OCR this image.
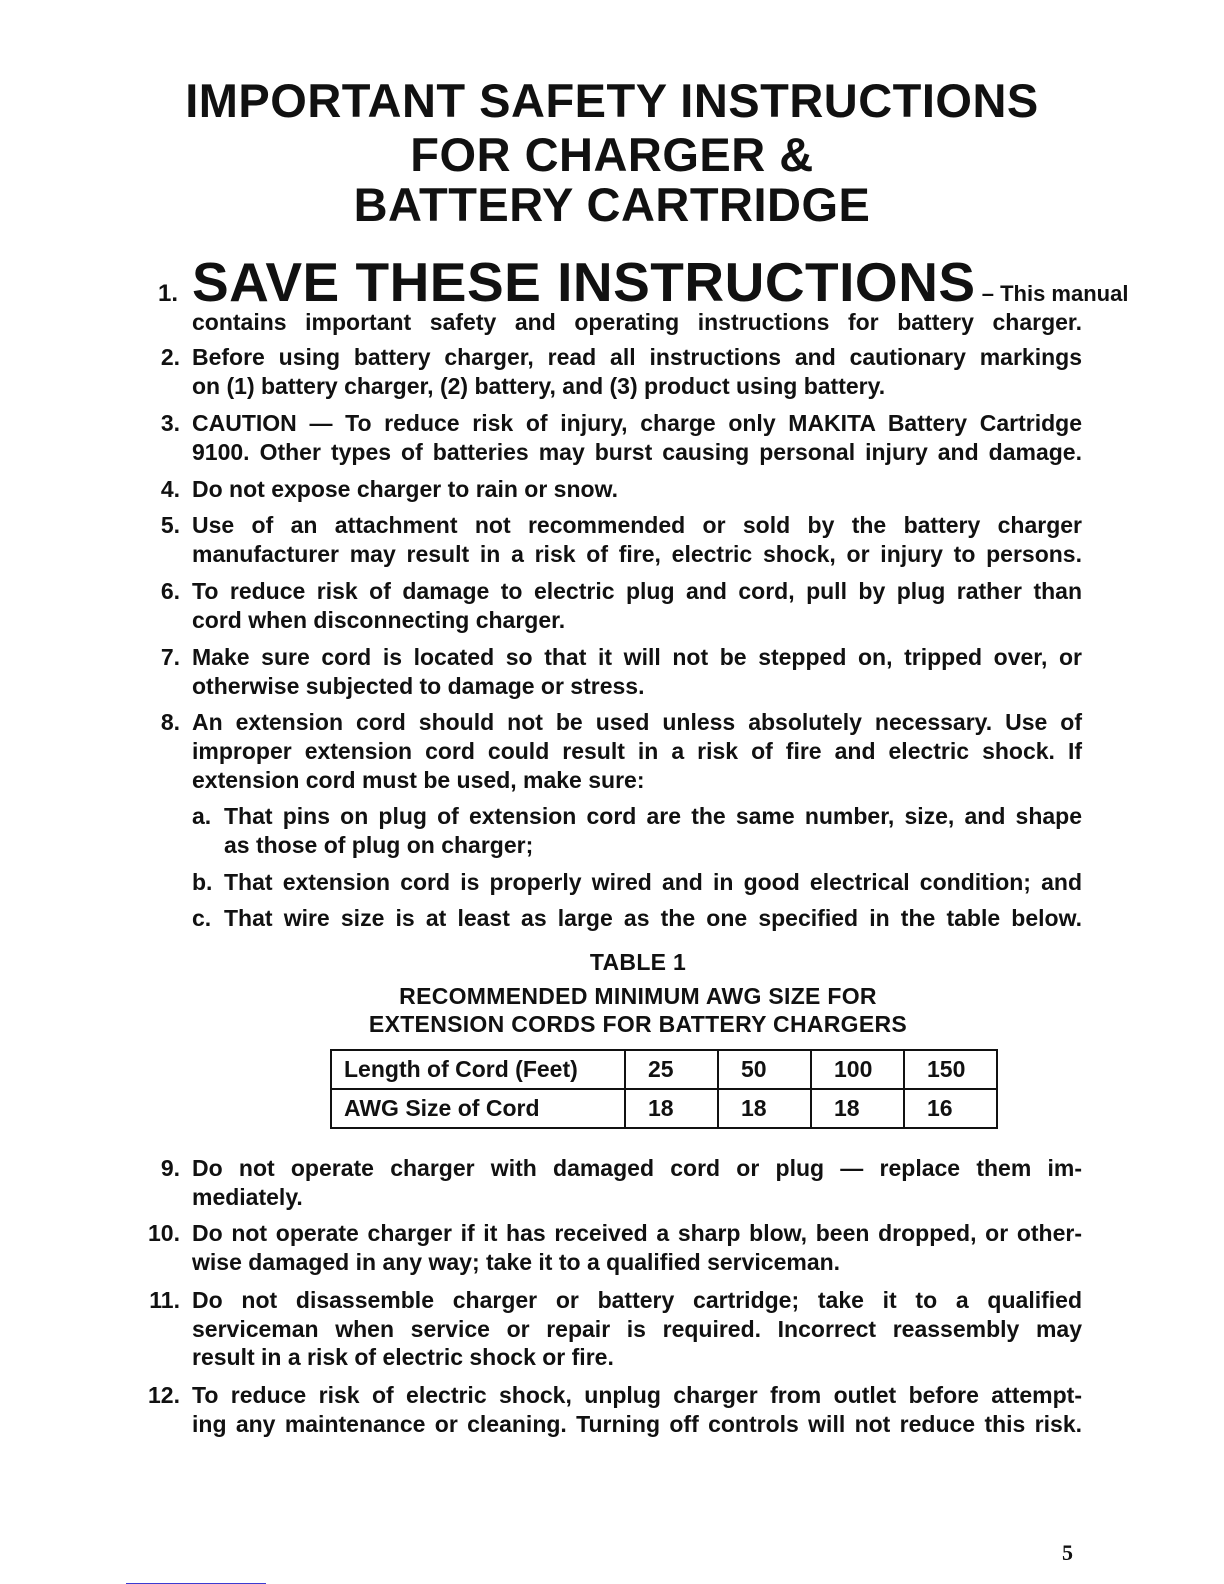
IMPORTANT SAFETY INSTRUCTIONS
FOR CHARGER &
BATTERY CARTRIDGE
1. SAVE THESE INSTRUCTIONS – This manual
contains important safety and operating instructions for battery charger.
2. Before using battery charger, read all instructions and cautionary markings
on (1) battery charger, (2) battery, and (3) product using battery.
3. CAUTION — To reduce risk of injury, charge only MAKITA Battery Cartridge
9100. Other types of batteries may burst causing personal injury and damage.
4. Do not expose charger to rain or snow.
5. Use of an attachment not recommended or sold by the battery charger
manufacturer may result in a risk of fire, electric shock, or injury to persons.
6. To reduce risk of damage to electric plug and cord, pull by plug rather than
cord when disconnecting charger.
7. Make sure cord is located so that it will not be stepped on, tripped over, or
otherwise subjected to damage or stress.
8. An extension cord should not be used unless absolutely necessary. Use of
improper extension cord could result in a risk of fire and electric shock. If
extension cord must be used, make sure:
a. That pins on plug of extension cord are the same number, size, and shape
as those of plug on charger;
b. That extension cord is properly wired and in good electrical condition; and
c. That wire size is at least as large as the one specified in the table below.
TABLE 1
RECOMMENDED MINIMUM AWG SIZE FOR
EXTENSION CORDS FOR BATTERY CHARGERS
Length of Cord (Feet)	25	50	100	150
AWG Size of Cord	18	18	18	16
9. Do not operate charger with damaged cord or plug — replace them im-
mediately.
10. Do not operate charger if it has received a sharp blow, been dropped, or other-
wise damaged in any way; take it to a qualified serviceman.
11. Do not disassemble charger or battery cartridge; take it to a qualified
serviceman when service or repair is required. Incorrect reassembly may
result in a risk of electric shock or fire.
12. To reduce risk of electric shock, unplug charger from outlet before attempt-
ing any maintenance or cleaning. Turning off controls will not reduce this risk.
5
